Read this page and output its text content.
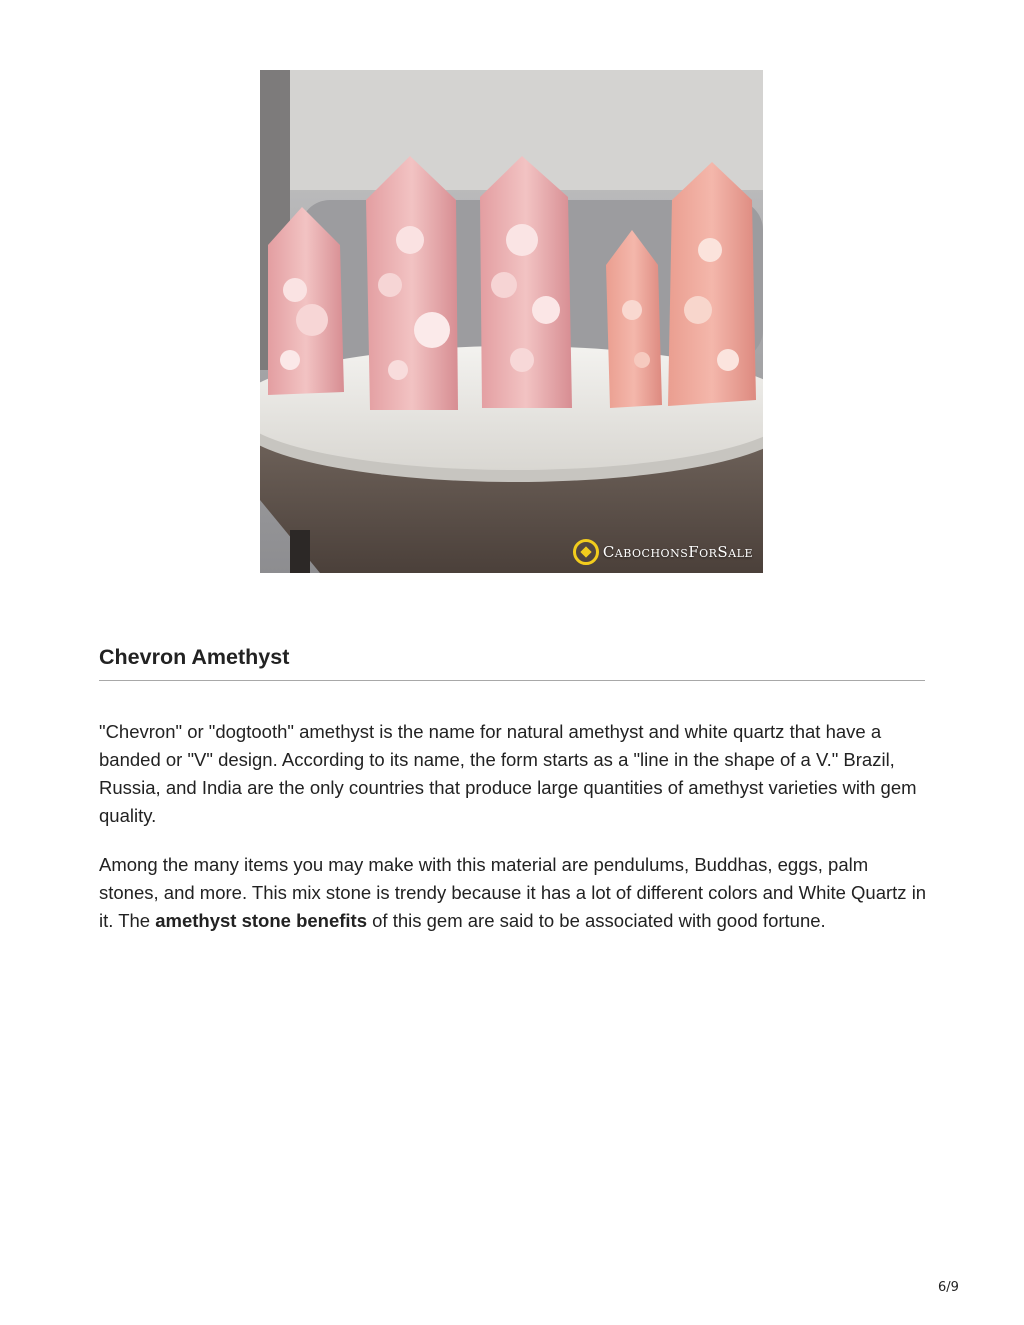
CabochonsForSale
Chevron Amethyst

"Chevron" or "dogtooth" amethyst is the name for natural amethyst and white quartz that have a banded or "V" design. According to its name, the form starts as a "line in the shape of a V." Brazil, Russia, and India are the only countries that produce large quantities of amethyst varieties with gem quality.

Among the many items you may make with this material are pendulums, Buddhas, eggs, palm stones, and more. This mix stone is trendy because it has a lot of different colors and White Quartz in it. The amethyst stone benefits of this gem are said to be associated with good fortune.

6/9
